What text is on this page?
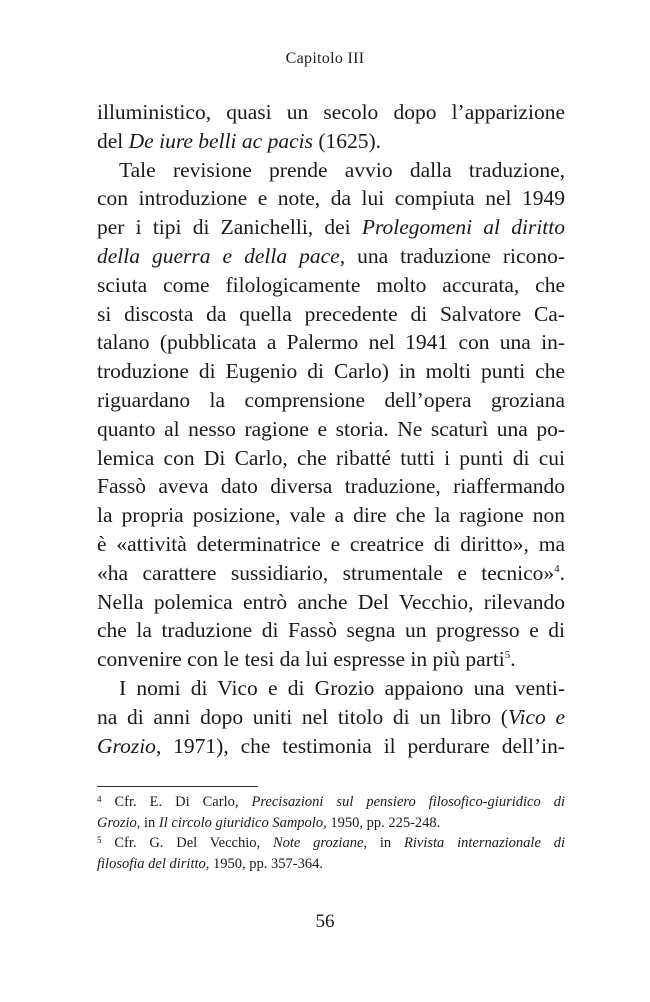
Capitolo III
illuministico, quasi un secolo dopo l’apparizione
del De iure belli ac pacis (1625).
Tale revisione prende avvio dalla traduzione,
con introduzione e note, da lui compiuta nel 1949
per i tipi di Zanichelli, dei Prolegomeni al diritto
della guerra e della pace, una traduzione ricono-
sciuta come filologicamente molto accurata, che
si discosta da quella precedente di Salvatore Ca-
talano (pubblicata a Palermo nel 1941 con una in-
troduzione di Eugenio di Carlo) in molti punti che
riguardano la comprensione dell’opera groziana
quanto al nesso ragione e storia. Ne scaturì una po-
lemica con Di Carlo, che ribatté tutti i punti di cui
Fassò aveva dato diversa traduzione, riaffermando
la propria posizione, vale a dire che la ragione non
è «attività determinatrice e creatrice di diritto», ma
«ha carattere sussidiario, strumentale e tecnico»$^4$.
Nella polemica entrò anche Del Vecchio, rilevando
che la traduzione di Fassò segna un progresso e di
convenire con le tesi da lui espresse in più parti$^5$.
I nomi di Vico e di Grozio appaiono una venti-
na di anni dopo uniti nel titolo di un libro (Vico e
Grozio, 1971), che testimonia il perdurare dell’in-
$^4$ Cfr. E. Di Carlo, Precisazioni sul pensiero filosofico-giuridico di
Grozio, in Il circolo giuridico Sampolo, 1950, pp. 225-248.
$^5$ Cfr. G. Del Vecchio, Note groziane, in Rivista internazionale di
filosofia del diritto, 1950, pp. 357-364.
56
